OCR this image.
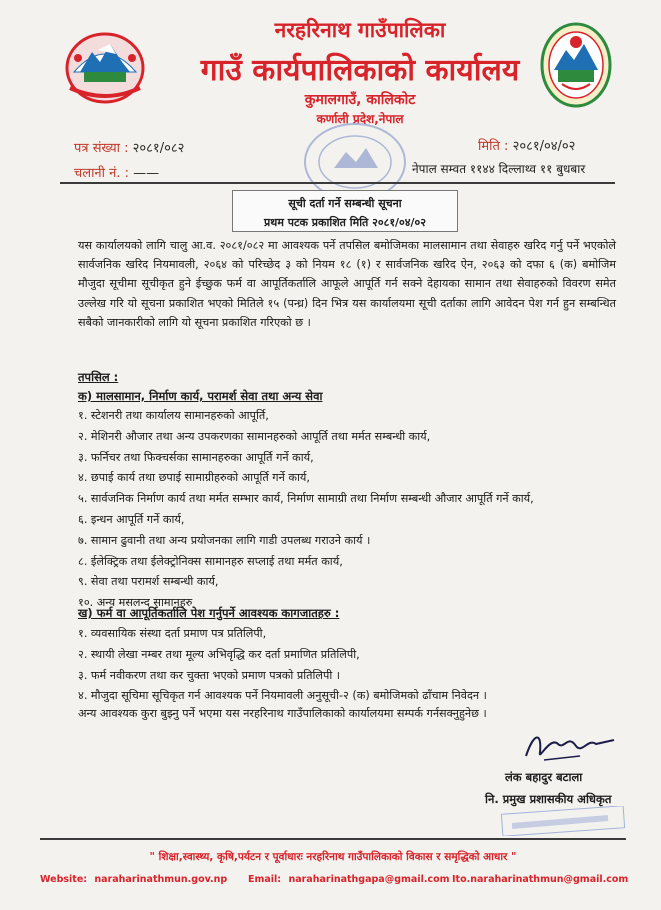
नरहरिनाथ गाउँपालिका
गाउँ कार्यपालिकाको कार्यालय
कुमालगाउँ, कालिकोट
कर्णाली प्रदेश,नेपाल
पत्र संख्या : २०८१/०८२
चलानी नं. : ——
मिति : २०८१/०४/०२
नेपाल सम्वत ११४४ दिल्लाथ्व ११ बुधबार
सूची दर्ता गर्ने सम्बन्धी सूचना
प्रथम पटक प्रकाशित मिति २०८१/०४/०२
यस कार्यालयको लागि चालु आ.व. २०८१/०८२ मा आवश्यक पर्ने तपसिल बमोजिमका मालसामान तथा सेवाहरु खरिद गर्नु पर्ने भएकोले सार्वजनिक खरिद नियमावली, २०६४ को परिच्छेद ३ को नियम १८ (१) र सार्वजनिक खरिद ऐन, २०६३ को दफा ६ (क) बमोजिम मौजुदा सूचीमा सूचीकृत हुने ईच्छुक फर्म वा आपूर्तिकर्तालि आफूले आपूर्ति गर्न सक्ने देहायका सामान तथा सेवाहरुको विवरण समेत उल्लेख गरि यो सूचना प्रकाशित भएको मितिले १५ (पन्ध्र) दिन भित्र यस कार्यालयमा सूची दर्ताका लागि आवेदन पेश गर्न हुन सम्बन्धित सबैको जानकारीको लागि यो सूचना प्रकाशित गरिएको छ ।
तपसिल :
क) मालसामान, निर्माण कार्य, परामर्श सेवा तथा अन्य सेवा
१. स्टेशनरी तथा कार्यालय सामानहरुको आपूर्ति,
२. मेशिनरी औजार तथा अन्य उपकरणका सामानहरुको आपूर्ति तथा मर्मत सम्बन्धी कार्य,
३. फर्निचर तथा फिक्चर्सका सामानहरुका आपूर्ति गर्ने कार्य,
४. छपाई कार्य तथा छपाई सामाग्रीहरुको आपूर्ति गर्ने कार्य,
५. सार्वजनिक निर्माण कार्य तथा मर्मत सम्भार कार्य, निर्माण सामाग्री तथा निर्माण सम्बन्धी औजार आपूर्ति गर्ने कार्य,
६. इन्धन आपूर्ति गर्ने कार्य,
७. सामान ढुवानी तथा अन्य प्रयोजनका लागि गाडी उपलब्ध गराउने कार्य ।
८. ईलेक्ट्रिक तथा ईलेक्ट्रोनिक्स सामानहरु सप्लाई तथा मर्मत कार्य,
९. सेवा तथा परामर्श सम्बन्धी कार्य,
१०. अन्य मसलन्द सामानहरु
ख) फर्म वा आपूर्तिकर्तालि पेश गर्नुपर्ने आवश्यक कागजातहरु :
१. व्यवसायिक संस्था दर्ता प्रमाण पत्र प्रतिलिपी,
२. स्थायी लेखा नम्बर तथा मूल्य अभिवृद्धि कर दर्ता प्रमाणित प्रतिलिपी,
३. फर्म नवीकरण तथा कर चुक्ता भएको प्रमाण पत्रको प्रतिलिपी ।
४. मौजुदा सूचिमा सूचिकृत गर्न आवश्यक पर्ने नियमावली अनुसूची-२ (क) बमोजिमको ढाँचाम निवेदन ।
अन्य आवश्यक कुरा बुझ्नु पर्ने भएमा यस नरहरिनाथ गाउँपालिकाको कार्यालयमा सम्पर्क गर्नसक्नुहुनेछ ।
लंक बहादुर बटाला
नि. प्रमुख प्रशासकीय अधिकृत
" शिक्षा,स्वास्थ्य, कृषि,पर्यटन र पूर्वाधारः नरहरिनाथ गाउँपालिकाको विकास र समृद्धिको आधार "
Website: naraharinathmun.gov.np Email: naraharinathgapa@gmail.com Ito.naraharinathmun@gmail.com
